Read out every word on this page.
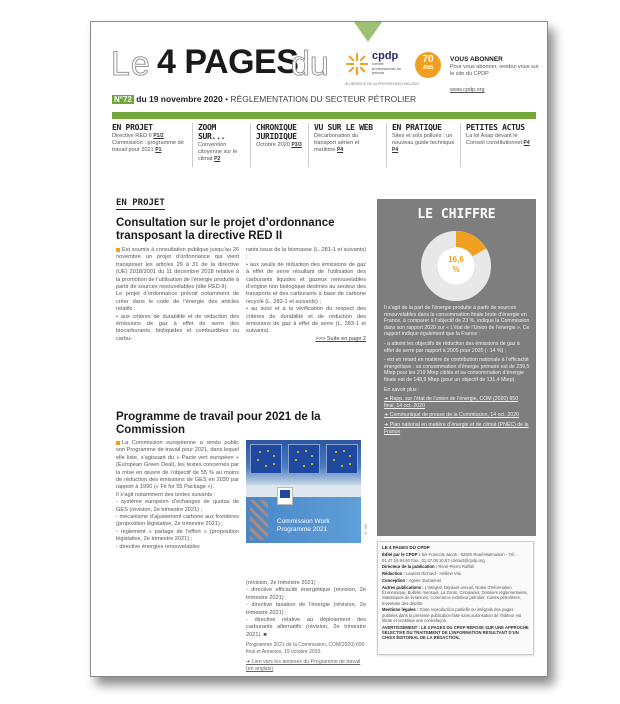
Le 4 PAGES
du	cpdp
comité professionnel du pétrole
AU SERVICE DE LA PROFESSION 1950-2020
70
ANS
N°72 du 19 novembre 2020 • RÉGLEMENTATION DU SECTEUR PÉTROLIER
VOUS ABONNER

Pour vous abonner, rendez-vous sur le site du CPDP

www.cpdp.org
EN PROJET

Directive RED II P1/2
Commission : programme de travail pour 2021 P1

ZOOM SUR...

Convention citoyenne sur le climat P2

CHRONIQUE JURIDIQUE

Octobre 2020 P3/3

VU SUR LE WEB

Décarbonation du transport aérien et maritime P4

EN PRATIQUE

Sites et sols pollués : un nouveau guide technique P4

PETITES ACTUS

La loi Asap devant le Conseil constitutionnel P4

EN PROJET
Consultation sur le projet d’ordonnance transposant la directive RED II

Est soumis à consultation publique jusqu’au 26 novembre un projet d’ordonnance qui vient transposer les articles 29 à 31 de la directive (UE) 2018/2001 du 11 décembre 2018 relative à la promotion de l’utilisation de l’énergie produite à partir de sources renouvelables (dite RED II).

Le projet d’ordonnance prévoit notamment de créer dans le code de l’énergie des articles relatifs :

• aux critères de durabilité et de réduction des émissions de gaz à effet de serre des biocarburants, bioliquides et combustibles ou carbu-

rants issus de la biomasse (L. 281-1 et suivants) ;

• aux seuils de réduction des émissions de gaz à effet de serre résultant de l’utilisation des carburants liquides et gazeux renouvelables d’origine non biologique destinés au secteur des transports et des carburants à base de carbone recyclé (L. 282-1 et suivants) ;

• au suivi et à la vérification du respect des critères de durabilité et de réduction des émissions de gaz à effet de serre (L. 283-1 et suivants).

>>> Suite en page 2

Programme de travail pour 2021 de la Commission

La Commission européenne a rendu public son Programme de travail pour 2021, dans lequel elle liste, s’agissant du « Pacte vert européen » (European Green Deal), les textes concernés par la mise en œuvre de l’objectif de 55 % au moins de réduction des émissions de GES en 2030 par rapport à 1990 (« Fit for 55 Package »).

Il s’agit notamment des textes suivants :

- système européen d’échanges de quotas de GES (révision, 2e trimestre 2021) ;

- mécanisme d’ajustement carbone aux frontières (proposition législative, 2e trimestre 2021) ;

- règlement « partage de l’effort » (proposition législative, 2e trimestre 2021) ;

- directive énergies renouvelables

Commission Work Programme 2021	© UE

(révision, 2e trimestre 2021) ;

- directive efficacité énergétique (révision, 2e trimestre 2021) ;

- directive taxation de l’énergie (révision, 2e trimestre 2021) ;

- directive relative au déploiement des carburants alternatifs (révision, 2e trimestre 2021). ■

Programme 2021 de la Commission, COM(2020) 690 final et Annexes, 19 octobre 2020.

➜ Lien vers les annexes du Programme de travail (en anglais)

LE CHIFFRE
16,6
%

Il s’agit de la part de l’énergie produite à partir de sources renouvelables dans la consommation finale brute d’énergie en France, à comparer à l’objectif de 23 %, indique la Commission dans son rapport 2020 sur « L’état de l’Union de l’énergie ». Ce rapport indique également que la France :

- a atteint les objectifs de réduction des émissions de gaz à effet de serre par rapport à 2005 pour 2020 (- 14 %) ;

- est en retard en matière de contribution nationale à l’efficacité énergétique : sa consommation d’énergie primaire est de 239,5 Mtep pour les 219 Mtep ciblés et sa consommation d’énergie finale est de 148,9 Mtep (pour un objectif de 131,4 Mtep).

En savoir plus :

➜ Rapp. sur l’état de l’union de l’énergie, COM (2020) 950 final, 14 oct. 2020

➜ Communiqué de presse de la Commission, 14 oct. 2020

➜ Plan national en matière d’énergie et de climat (PNEC) de la France

LE 4 PAGES DU CPDP

Édité par le CPDP 1 bis Francois Jacob - 92500 Rueil-Malmaison - Tél. : 01.47.16.94.60 Fax : 01.47.08.10.57 contact@cpdp.org

Directeur de la publication : René-Pierre Raffali

Rédaction : Laurent Richard - Hélène Vitu

Conception : Agnès Jouhannel

Autres publications : L’intégral, Dépliant annuel, Notes d’Information Économique, Bulletin mensuel, La Zoom, Circulaires, Dossiers réglementaires, Statistiques de livraisons, Commerce extérieur pétrolier, Cartes pétrolières, Inventaire des dépôts.

Mentions légales : Toute reproduction partielle ou intégrale des pages publiées dans la présente publication faite sans autorisation de l’éditeur est illicite et constitue une contrefaçon.

AVERTISSEMENT : LE 4 PAGES DU CPDP REPOSE SUR UNE APPROCHE SÉLECTIVE DU TRAITEMENT DE L’INFORMATION RÉSULTANT D’UN CHOIX ÉDITORIAL DE LA RÉDACTION.
